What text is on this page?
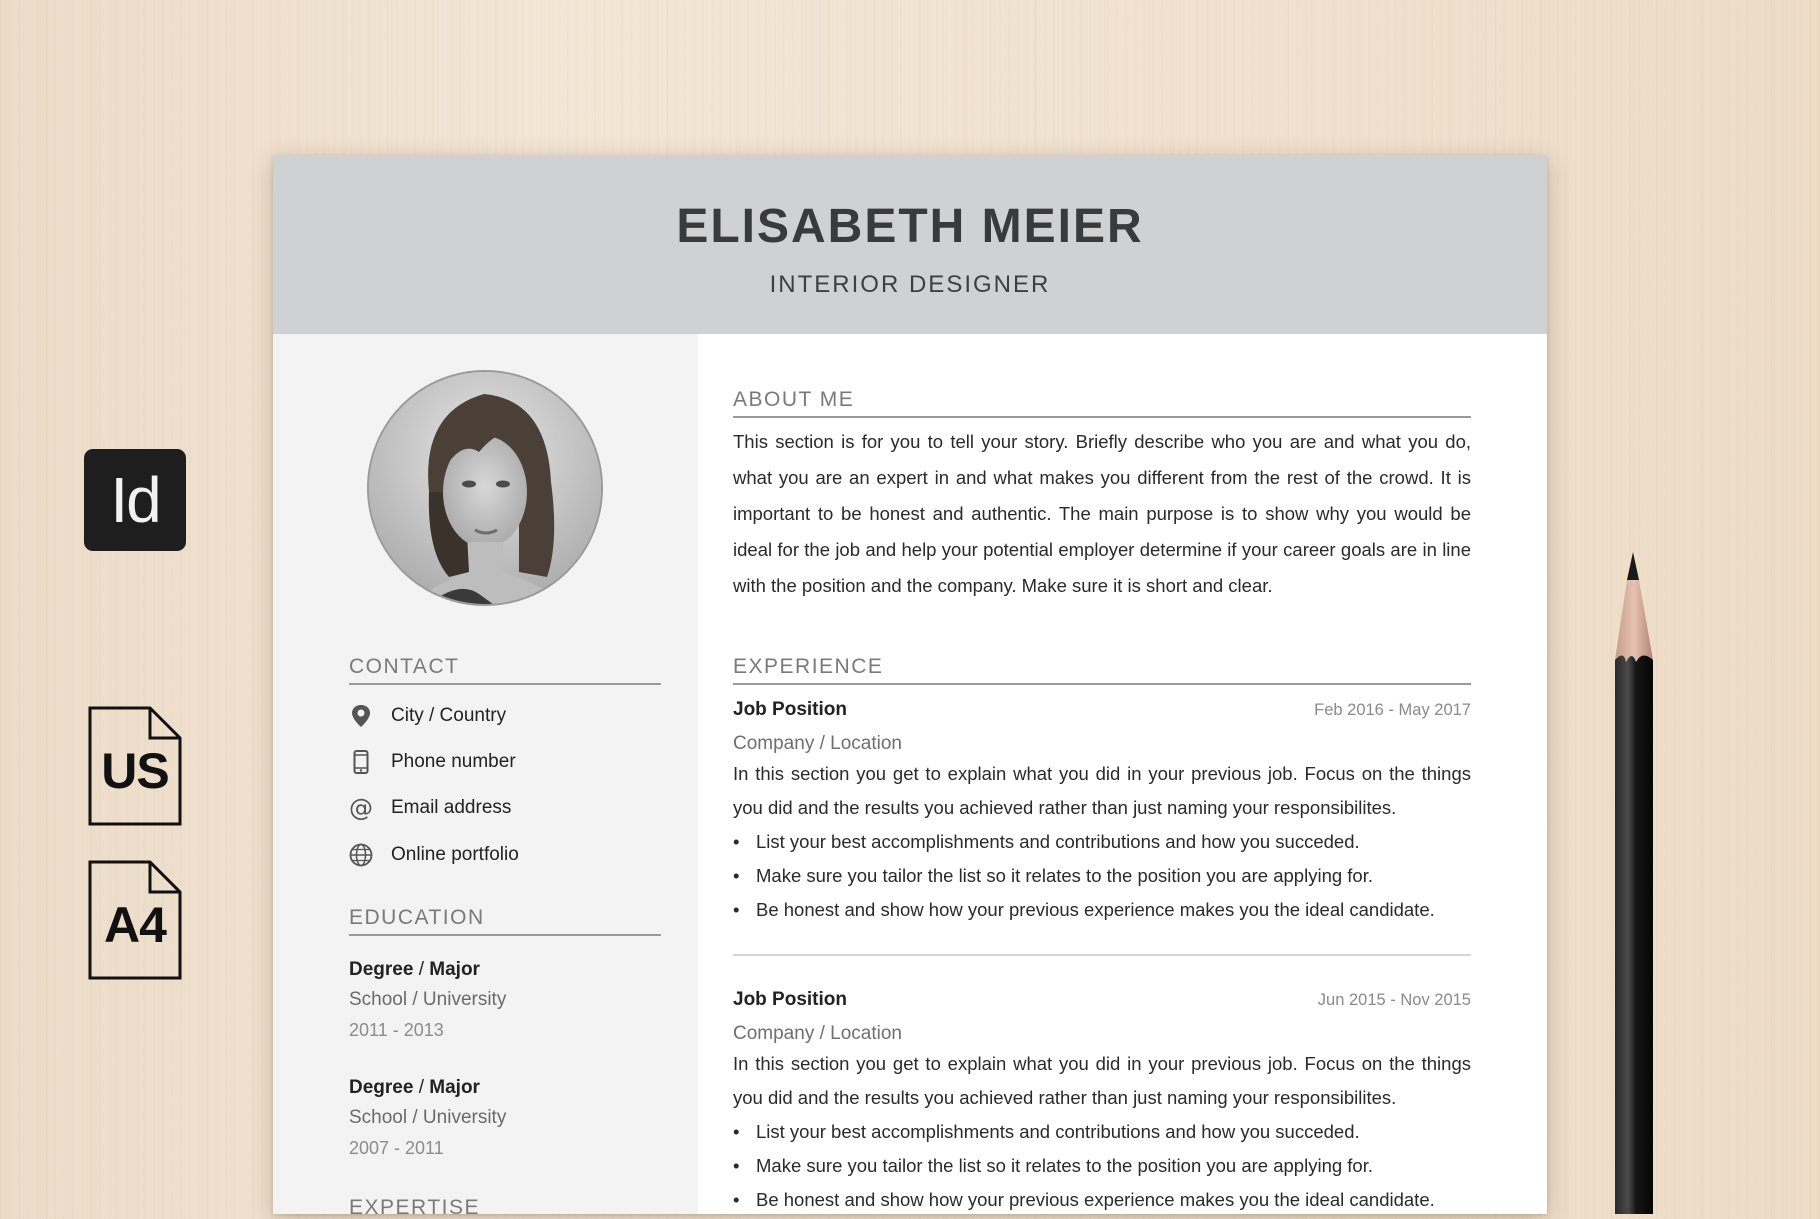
Id
US
A4
ELISABETH MEIER
INTERIOR DESIGNER
CONTACT
City / Country
Phone number
@ Email address
Online portfolio
EDUCATION
Degree / Major
School / University
2011 - 2013
Degree / Major
School / University
2007 - 2011
EXPERTISE
ABOUT ME
This section is for you to tell your story. Briefly describe who you are and what you do, what you are an expert in and what makes you different from the rest of the crowd. It is important to be honest and authentic. The main purpose is to show why you would be ideal for the job and help your potential employer determine if your career goals are in line with the position and the company. Make sure it is short and clear.
EXPERIENCE
Job Position	Feb 2016 - May 2017
Company / Location
In this section you get to explain what you did in your previous job. Focus on the things you did and the results you achieved rather than just naming your responsibilites.
• List your best accomplishments and contributions and how you succeded.
• Make sure you tailor the list so it relates to the position you are applying for.
• Be honest and show how your previous experience makes you the ideal candidate.
Job Position	Jun 2015 - Nov 2015
Company / Location
In this section you get to explain what you did in your previous job. Focus on the things you did and the results you achieved rather than just naming your responsibilites.
• List your best accomplishments and contributions and how you succeded.
• Make sure you tailor the list so it relates to the position you are applying for.
• Be honest and show how your previous experience makes you the ideal candidate.
